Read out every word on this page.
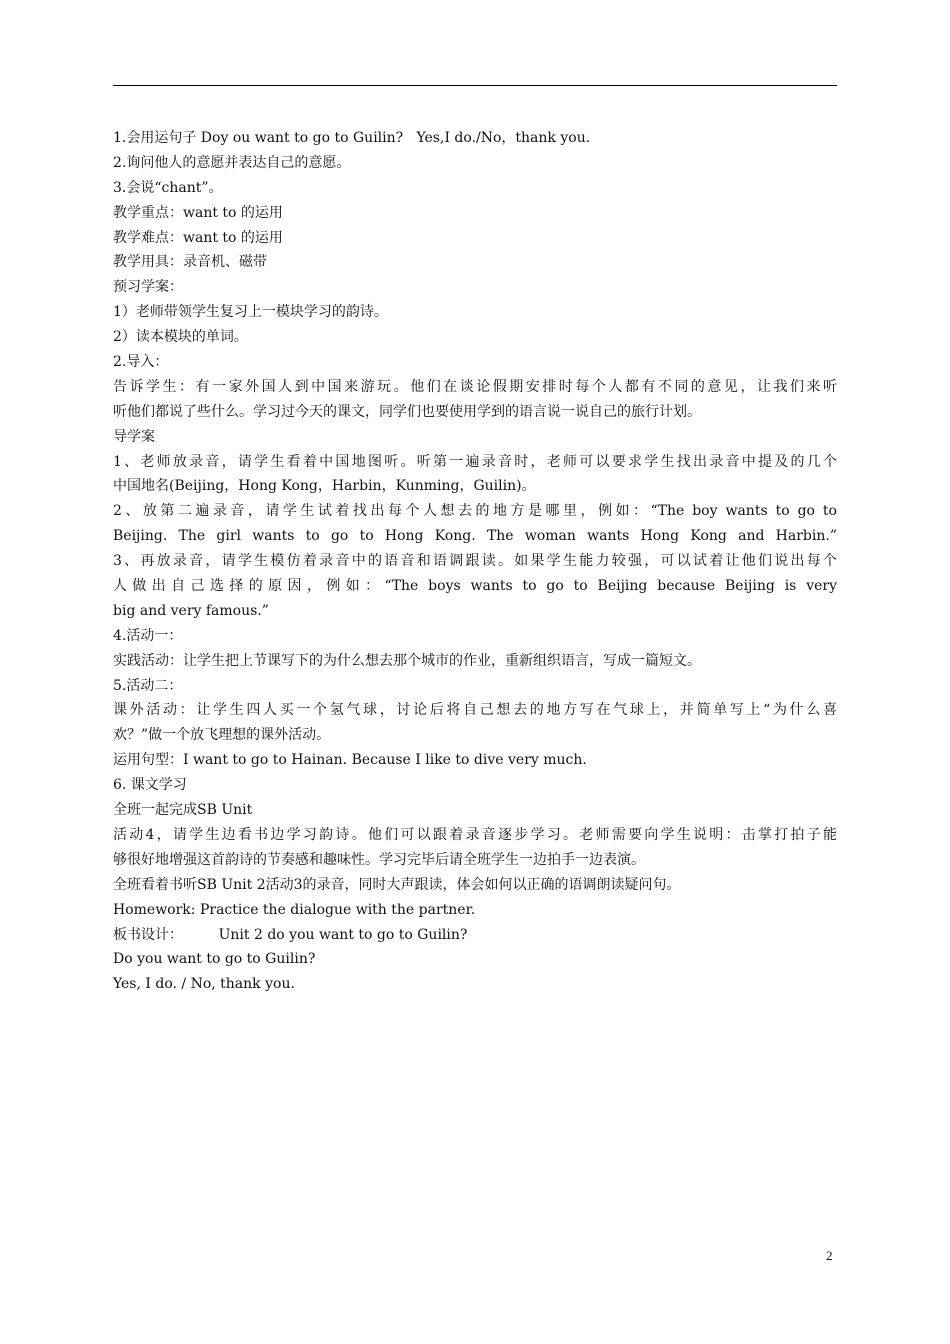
1.会用运句子 Doy ou want to go to Guilin?   Yes,I do./No，thank you.
2.询问他人的意愿并表达自己的意愿。
3.会说“chant”。
教学重点：want to 的运用
教学难点：want to 的运用
教学用具：录音机、磁带
预习学案：
1）老师带领学生复习上一模块学习的韵诗。
2）读本模块的单词。
2.导入：
告诉学生：有一家外国人到中国来游玩。他们在谈论假期安排时每个人都有不同的意见，让我们来听
听他们都说了些什么。学习过今天的课文，同学们也要使用学到的语言说一说自己的旅行计划。
导学案
1、老师放录音，请学生看着中国地图听。听第一遍录音时，老师可以要求学生找出录音中提及的几个
中国地名(Beijing，Hong Kong，Harbin，Kunming，Guilin)。
2、放第二遍录音，请学生试着找出每个人想去的地方是哪里，例如：“The boy wants to go to
Beijing. The girl wants to go to Hong Kong. The woman wants Hong Kong and Harbin.”
3、再放录音，请学生模仿着录音中的语音和语调跟读。如果学生能力较强，可以试着让他们说出每个
人做出自己选择的原因，例如：“The boys wants to go to Beijing because Beijing is very
big and very famous.”
4.活动一：
实践活动：让学生把上节课写下的为什么想去那个城市的作业，重新组织语言，写成一篇短文。
5.活动二：
课外活动：让学生四人买一个氢气球，讨论后将自己想去的地方写在气球上，并简单写上“为什么喜
欢？”做一个放飞理想的课外活动。
运用句型：I want to go to Hainan. Because I like to dive very much.
6. 课文学习
全班一起完成SB Unit
活动4，请学生边看书边学习韵诗。他们可以跟着录音逐步学习。老师需要向学生说明：击掌打拍子能
够很好地增强这首韵诗的节奏感和趣味性。学习完毕后请全班学生一边拍手一边表演。
全班看着书听SB Unit 2活动3的录音，同时大声跟读，体会如何以正确的语调朗读疑问句。
Homework: Practice the dialogue with the partner.
板书设计：        Unit 2 do you want to go to Guilin?
Do you want to go to Guilin?
Yes, I do. / No, thank you.
2
